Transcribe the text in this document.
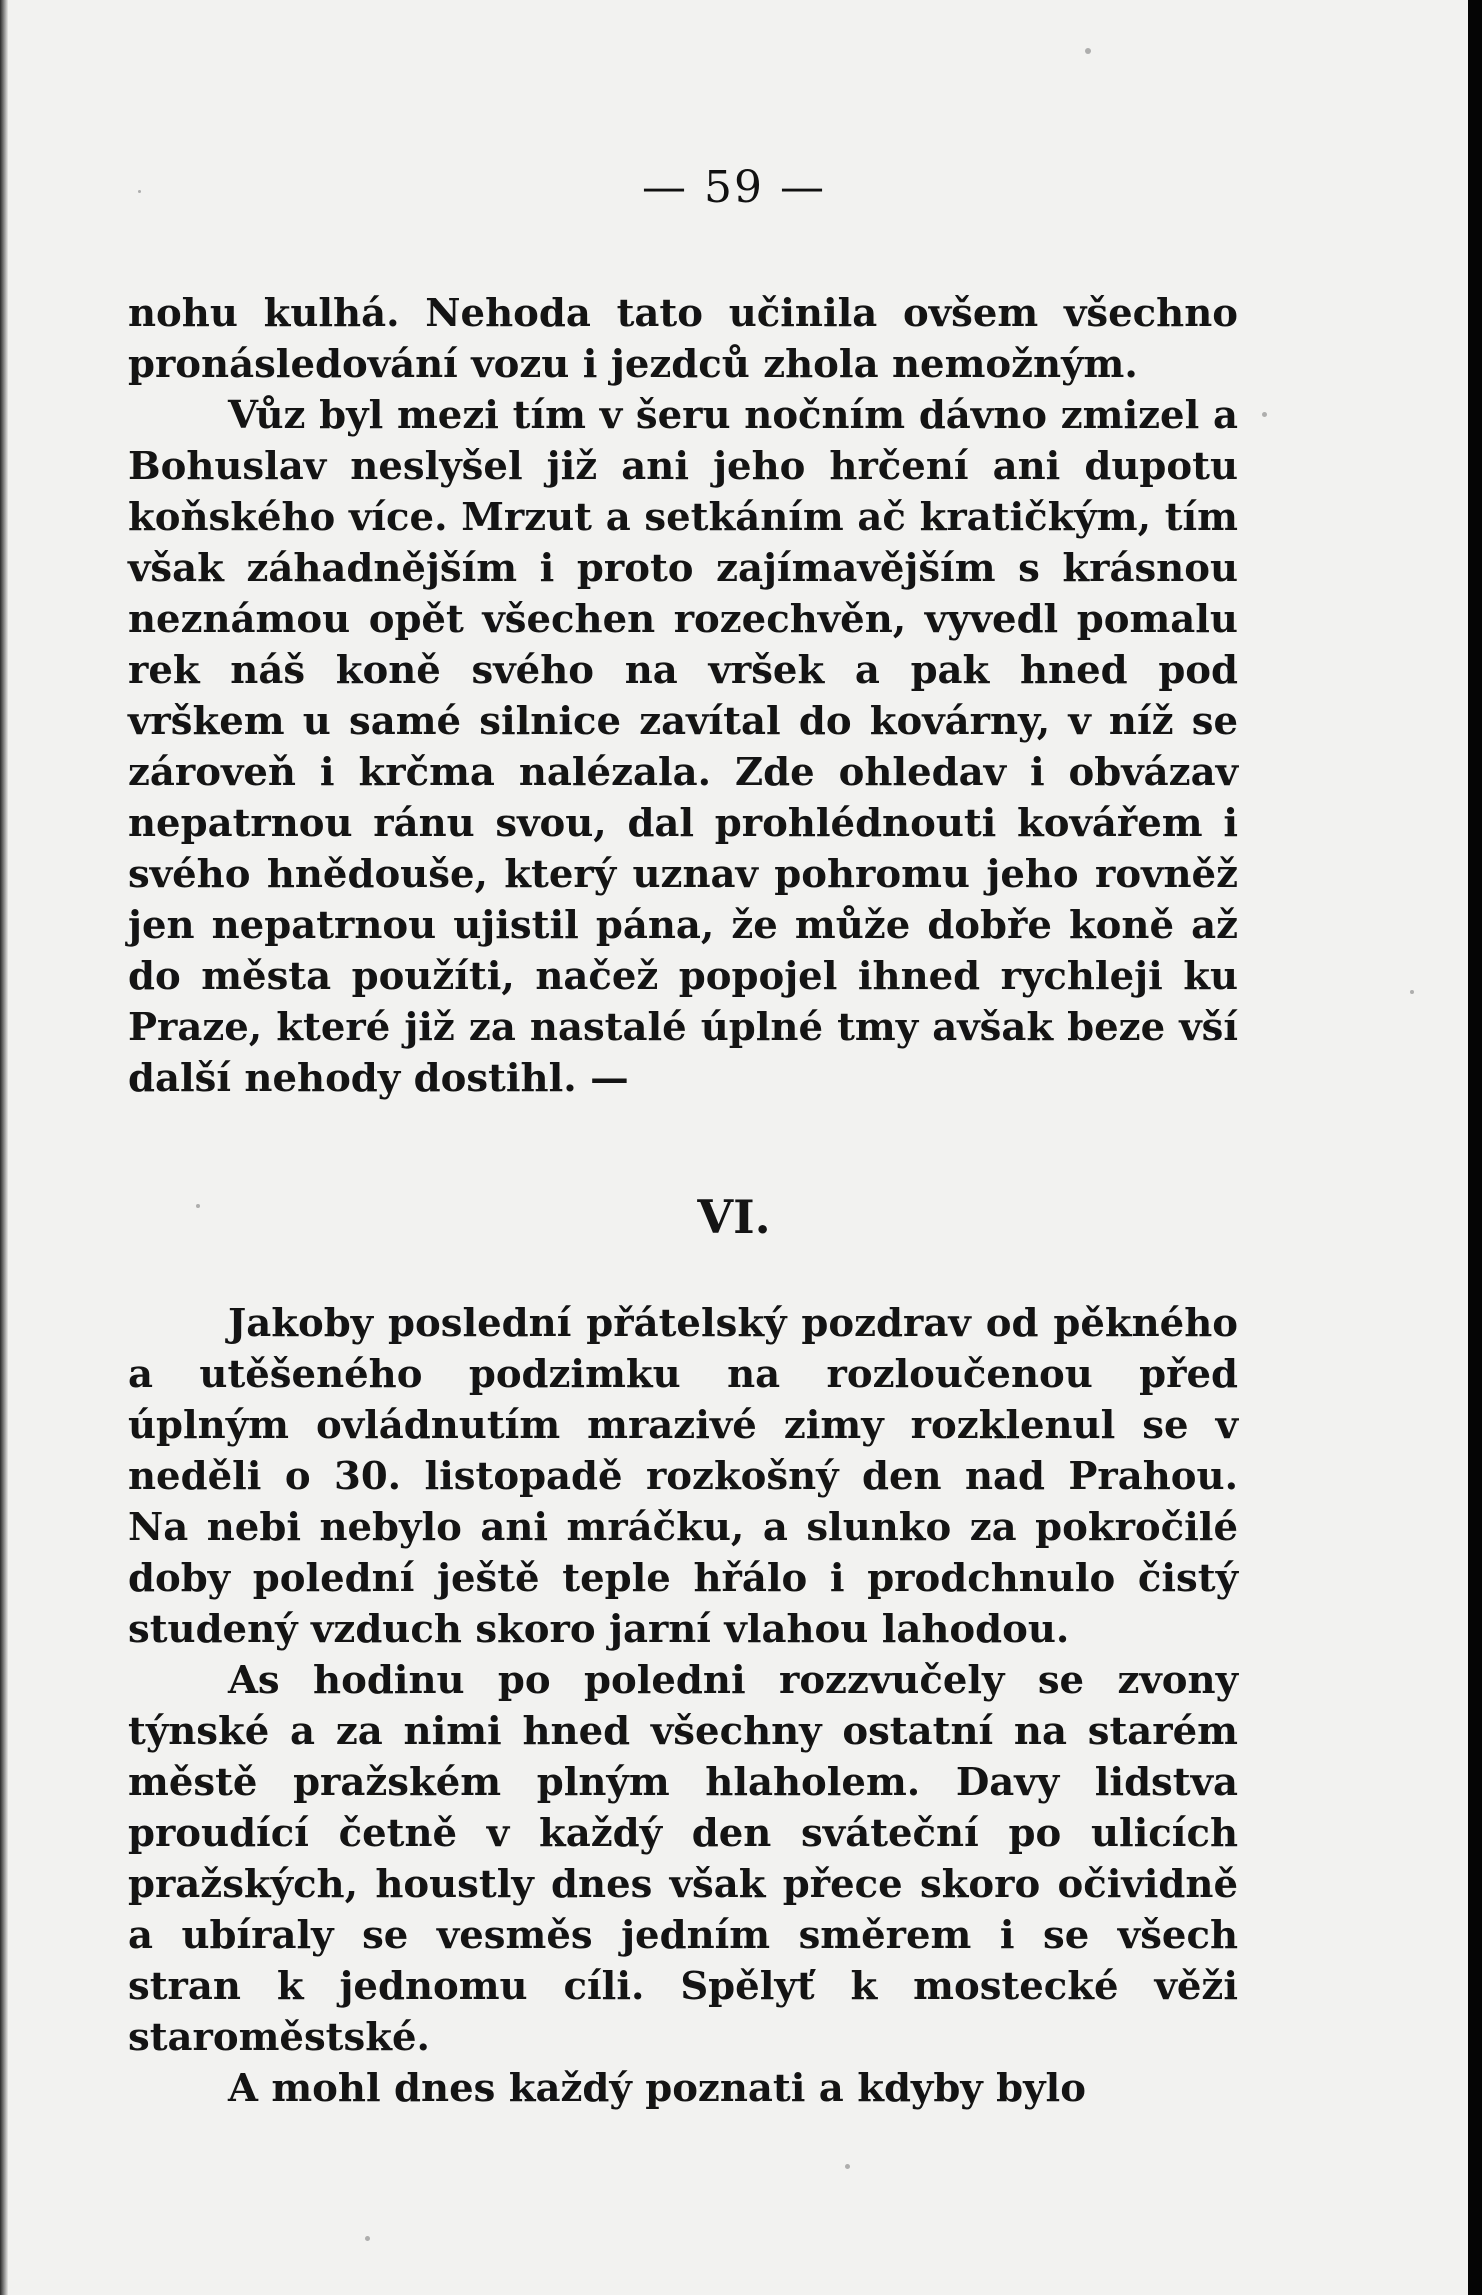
— 59 —

nohu kulhá. Nehoda tato učinila ovšem všechno pronásledování vozu i jezdců zhola nemožným.

Vůz byl mezi tím v šeru nočním dávno zmizel a Bohuslav neslyšel již ani jeho hrčení ani dupotu koňského více. Mrzut a setkáním ač kratičkým, tím však záhadnějším i proto zajímavějším s krásnou neznámou opět všechen rozechvěn, vyvedl pomalu rek náš koně svého na vršek a pak hned pod vrškem u samé silnice zavítal do kovárny, v níž se zároveň i krčma nalézala. Zde ohledav i obvázav nepatrnou ránu svou, dal prohlédnouti kovářem i svého hnědouše, který uznav pohromu jeho rovněž jen nepatrnou ujistil pána, že může dobře koně až do města použíti, načež popojel ihned rychleji ku Praze, které již za nastalé úplné tmy avšak beze vší další nehody dostihl. —

VI.

Jakoby poslední přátelský pozdrav od pěkného a utěšeného podzimku na rozloučenou před úplným ovládnutím mrazivé zimy rozklenul se v neděli o 30. listopadě rozkošný den nad Prahou. Na nebi nebylo ani mráčku, a slunko za pokročilé doby polední ještě teple hřálo i prodchnulo čistý studený vzduch skoro jarní vlahou lahodou.

As hodinu po poledni rozzvučely se zvony týnské a za nimi hned všechny ostatní na starém městě pražském plným hlaholem. Davy lidstva proudící četně v každý den sváteční po ulicích pražských, houstly dnes však přece skoro očividně a ubíraly se vesměs jedním směrem i se všech stran k jednomu cíli. Spělyť k mostecké věži staroměstské.

A mohl dnes každý poznati a kdyby bylo
